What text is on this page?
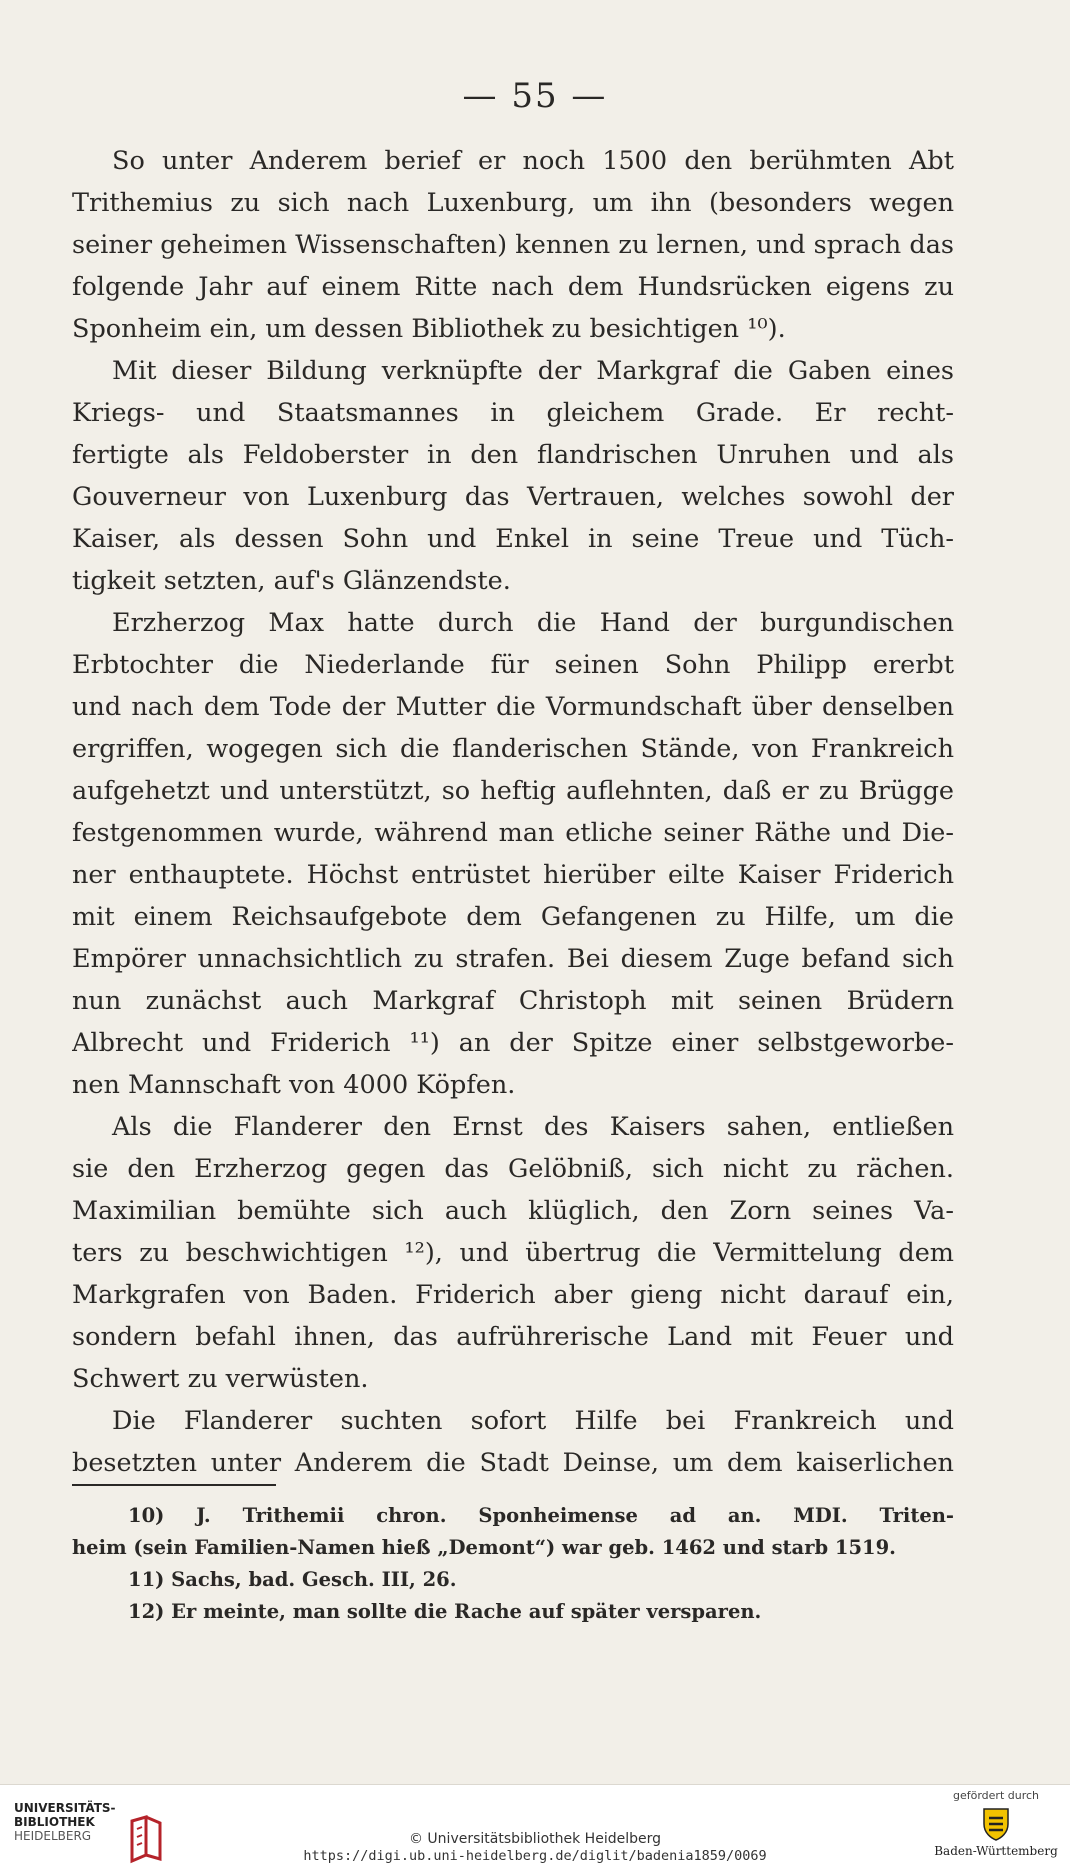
— 55 —

So unter Anderem berief er noch 1500 den berühmten Abt
Trithemius zu sich nach Luxenburg, um ihn (besonders wegen
seiner geheimen Wissenschaften) kennen zu lernen, und sprach das
folgende Jahr auf einem Ritte nach dem Hundsrücken eigens zu
Sponheim ein, um dessen Bibliothek zu besichtigen ¹⁰).

Mit dieser Bildung verknüpfte der Markgraf die Gaben eines
Kriegs- und Staatsmannes in gleichem Grade. Er recht-
fertigte als Feldoberster in den flandrischen Unruhen und als
Gouverneur von Luxenburg das Vertrauen, welches sowohl der
Kaiser, als dessen Sohn und Enkel in seine Treue und Tüch-
tigkeit setzten, auf's Glänzendste.

Erzherzog Max hatte durch die Hand der burgundischen
Erbtochter die Niederlande für seinen Sohn Philipp ererbt
und nach dem Tode der Mutter die Vormundschaft über denselben
ergriffen, wogegen sich die flanderischen Stände, von Frankreich
aufgehetzt und unterstützt, so heftig auflehnten, daß er zu Brügge
festgenommen wurde, während man etliche seiner Räthe und Die-
ner enthauptete. Höchst entrüstet hierüber eilte Kaiser Friderich
mit einem Reichsaufgebote dem Gefangenen zu Hilfe, um die
Empörer unnachsichtlich zu strafen. Bei diesem Zuge befand sich
nun zunächst auch Markgraf Christoph mit seinen Brüdern
Albrecht und Friderich ¹¹) an der Spitze einer selbstgeworbe-
nen Mannschaft von 4000 Köpfen.

Als die Flanderer den Ernst des Kaisers sahen, entließen
sie den Erzherzog gegen das Gelöbniß, sich nicht zu rächen.
Maximilian bemühte sich auch klüglich, den Zorn seines Va-
ters zu beschwichtigen ¹²), und übertrug die Vermittelung dem
Markgrafen von Baden. Friderich aber gieng nicht darauf ein,
sondern befahl ihnen, das aufrührerische Land mit Feuer und
Schwert zu verwüsten.

Die Flanderer suchten sofort Hilfe bei Frankreich und
besetzten unter Anderem die Stadt Deinse, um dem kaiserlichen

10) J. Trithemii chron. Sponheimense ad an. MDI. Triten-
heim (sein Familien-Namen hieß „Demont“) war geb. 1462 und starb 1519.
11) Sachs, bad. Gesch. III, 26.
12) Er meinte, man sollte die Rache auf später versparen.
UNIVERSITÄTS-
BIBLIOTHEK
HEIDELBERG	© Universitätsbibliothek Heidelberg
https://digi.ub.uni-heidelberg.de/diglit/badenia1859/0069
gefördert durch
Baden-Württemberg
